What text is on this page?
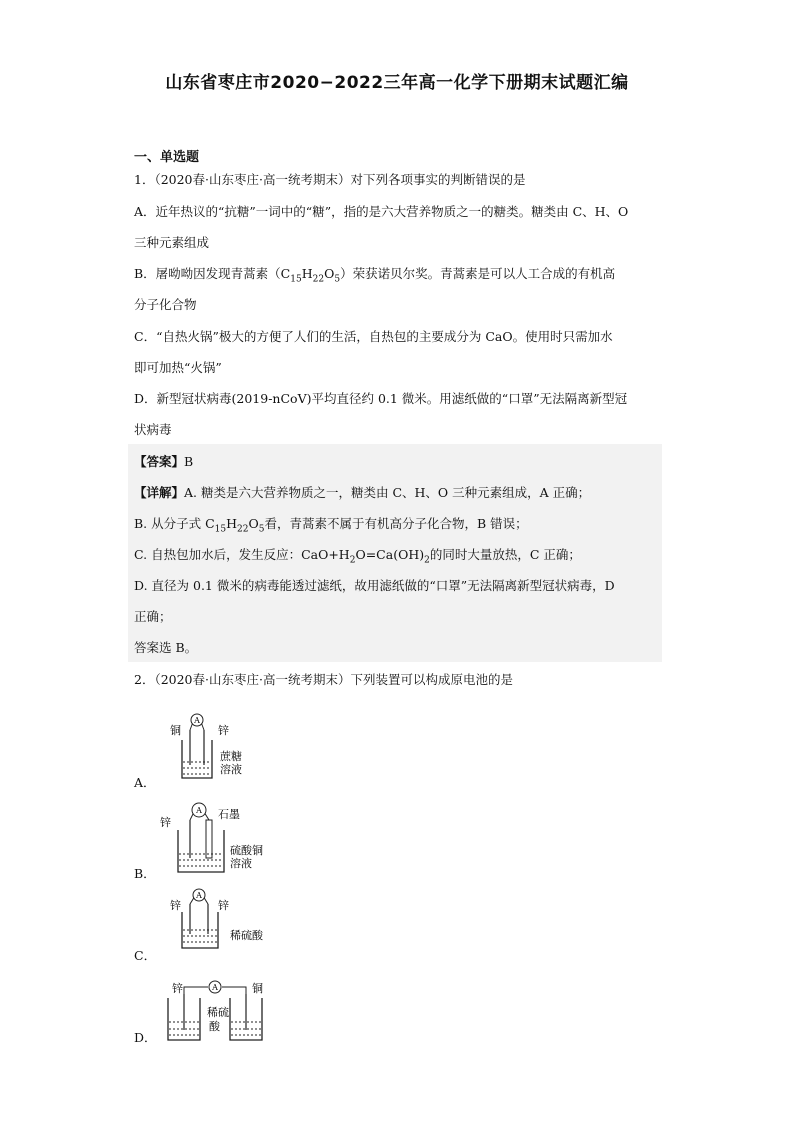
山东省枣庄市2020−2022三年高一化学下册期末试题汇编
一、单选题
1．（2020春·山东枣庄·高一统考期末）对下列各项事实的判断错误的是
A．近年热议的“抗糖”一词中的“糖”，指的是六大营养物质之一的糖类。糖类由 C、H、O
三种元素组成
B．屠呦呦因发现青蒿素$(C_{15}H_{22}O_5)$荣获诺贝尔奖。青蒿素是可以人工合成的有机高
分子化合物
C．“自热火锅”极大的方便了人们的生活，自热包的主要成分为 CaO。使用时只需加水
即可加热“火锅”
D．新型冠状病毒(2019-nCoV)平均直径约 0.1 微米。用滤纸做的“口罩”无法隔离新型冠
状病毒
【答案】B
【详解】A. 糖类是六大营养物质之一，糖类由 C、H、O 三种元素组成，A 正确；
B. 从分子式 $C_{15}H_{22}O_5$看，青蒿素不属于有机高分子化合物，B 错误；
C. 自热包加水后，发生反应：$CaO+H_2O=Ca(OH)_2$的同时大量放热，C 正确；
D. 直径为 0.1 微米的病毒能透过滤纸，故用滤纸做的“口罩”无法隔离新型冠状病毒，D
正确；
答案选 B。
2．（2020春·山东枣庄·高一统考期末）下列装置可以构成原电池的是
A．
A
铜	锌
蔗糖
溶液
B．
A
锌
石墨
硫酸铜
溶液
C．
A
锌	锌
稀硫酸
D．
A
锌	铜
稀硫
酸
